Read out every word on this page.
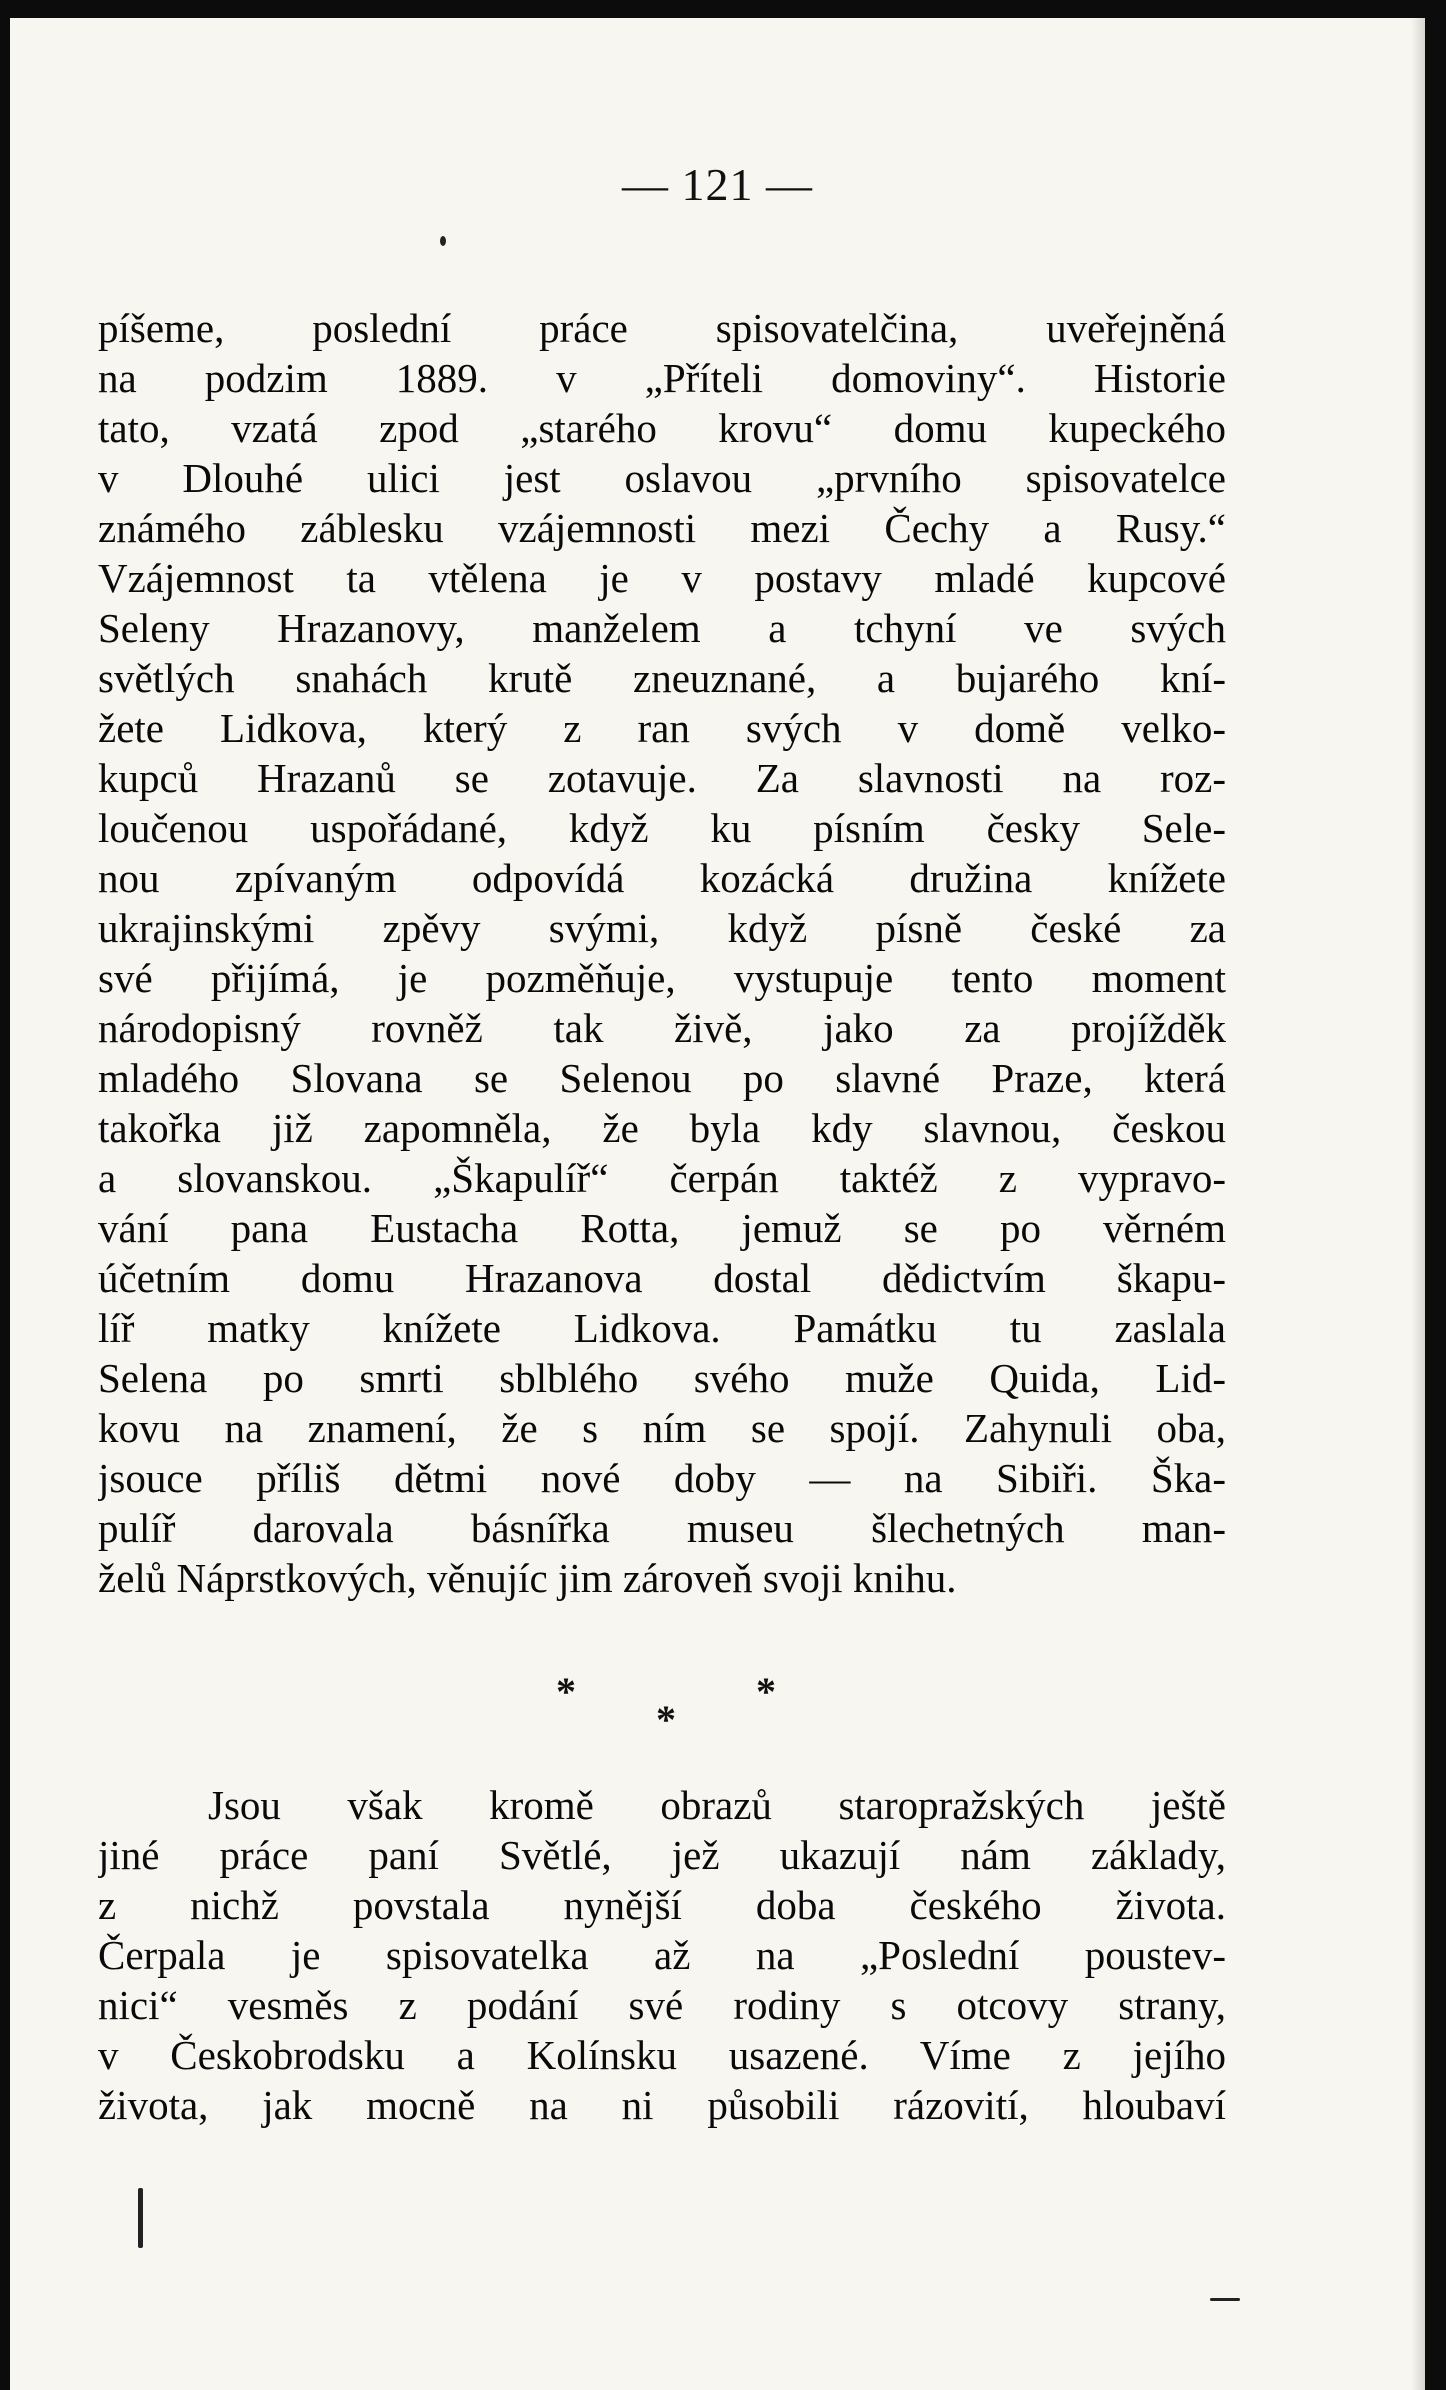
— 121 —
píšeme, poslední práce spisovatelčina, uveřejněná
na podzim 1889. v „Příteli domoviny“. Historie
tato, vzatá zpod „starého krovu“ domu kupeckého
v Dlouhé ulici jest oslavou „prvního spisovatelce
známého záblesku vzájemnosti mezi Čechy a Rusy.“
Vzájemnost ta vtělena je v postavy mladé kupcové
Seleny Hrazanovy, manželem a tchyní ve svých
světlých snahách krutě zneuznané, a bujarého kní-
žete Lidkova, který z ran svých v domě velko-
kupců Hrazanů se zotavuje. Za slavnosti na roz-
loučenou uspořádané, když ku písním česky Sele-
nou zpívaným odpovídá kozácká družina knížete
ukrajinskými zpěvy svými, když písně české za
své přijímá, je pozměňuje, vystupuje tento moment
národopisný rovněž tak živě, jako za projížděk
mladého Slovana se Selenou po slavné Praze, která
takořka již zapomněla, že byla kdy slavnou, českou
a slovanskou. „Škapulíř“ čerpán taktéž z vypravo-
vání pana Eustacha Rotta, jemuž se po věrném
účetním domu Hrazanova dostal dědictvím škapu-
líř matky knížete Lidkova. Památku tu zaslala
Selena po smrti sblblého svého muže Quida, Lid-
kovu na znamení, že s ním se spojí. Zahynuli oba,
jsouce příliš dětmi nové doby — na Sibiři. Ška-
pulíř darovala básnířka museu šlechetných man-
želů Náprstkových, věnujíc jim zároveň svoji knihu.
*
*
*
Jsou však kromě obrazů staropražských ještě
jiné práce paní Světlé, jež ukazují nám základy,
z nichž povstala nynější doba českého života.
Čerpala je spisovatelka až na „Poslední poustev-
nici“ vesměs z podání své rodiny s otcovy strany,
v Českobrodsku a Kolínsku usazené. Víme z jejího
života, jak mocně na ni působili rázovití, hloubaví
